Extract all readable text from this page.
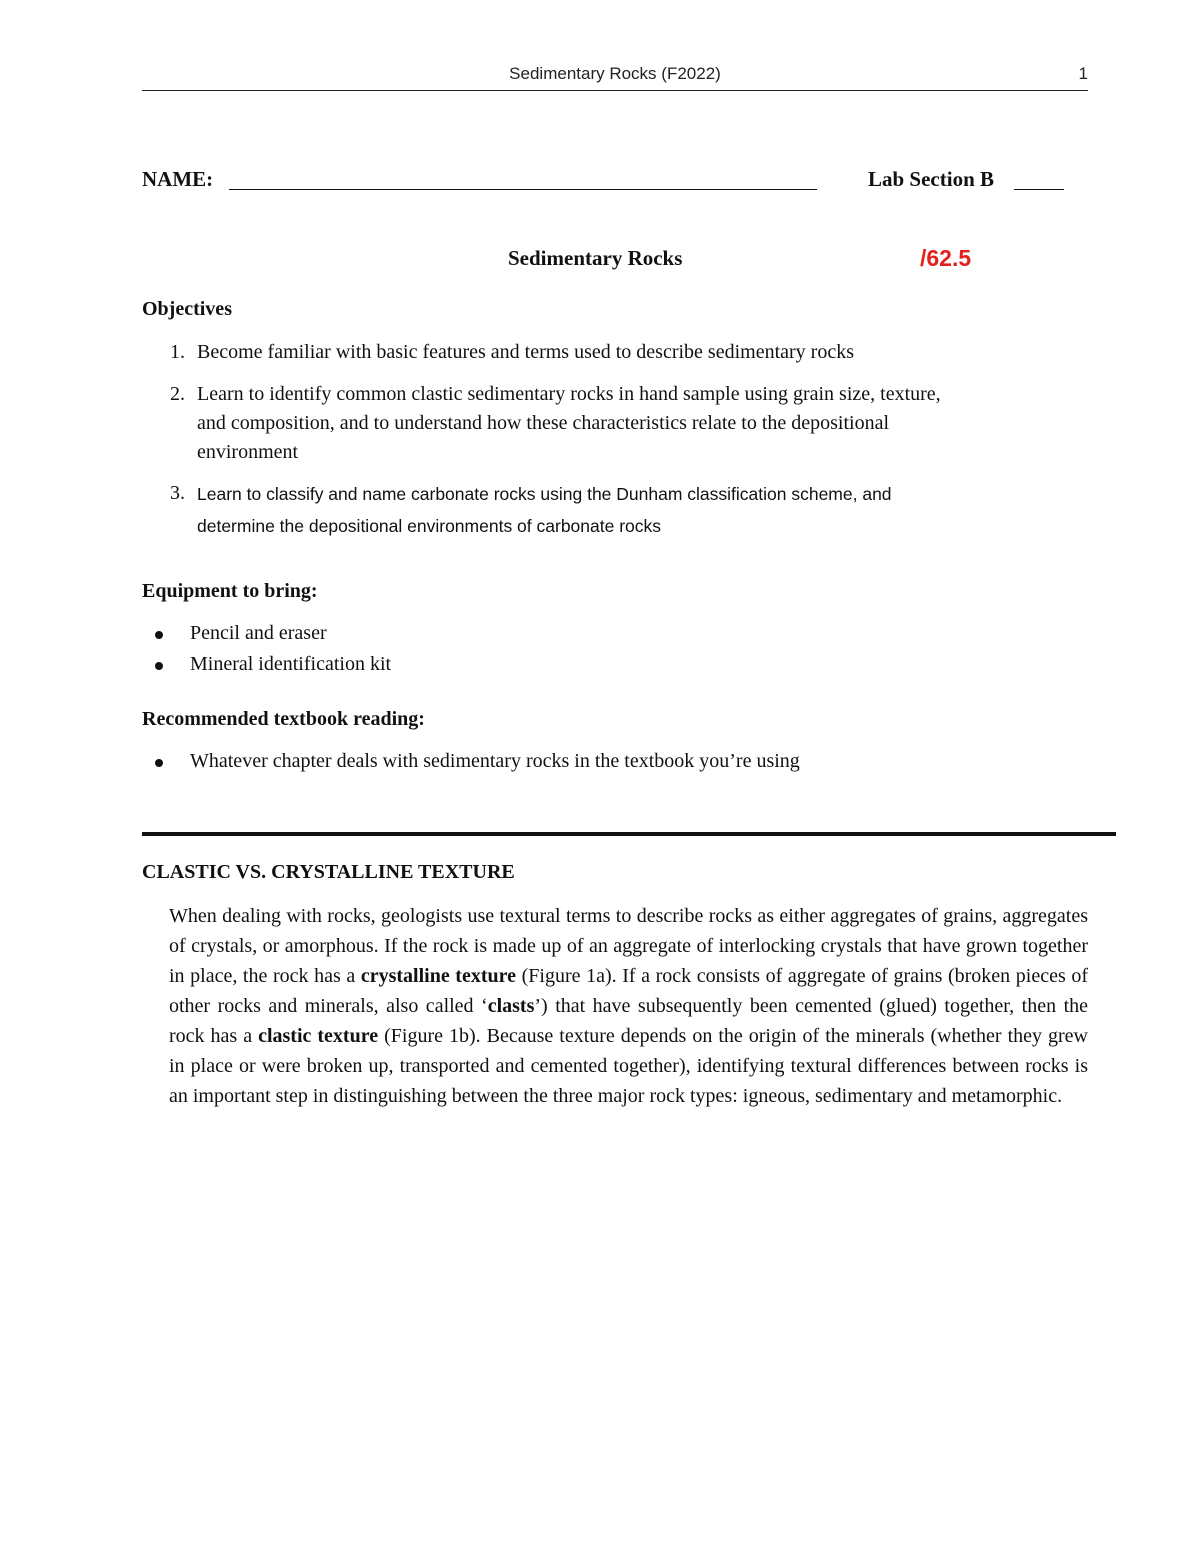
Sedimentary Rocks (F2022)	1
NAME:	Lab Section B
Sedimentary Rocks	/62.5
Objectives
1. Become familiar with basic features and terms used to describe sedimentary rocks
2. Learn to identify common clastic sedimentary rocks in hand sample using grain size, texture,
and composition, and to understand how these characteristics relate to the depositional
environment
3. Learn to classify and name carbonate rocks using the Dunham classification scheme, and
determine the depositional environments of carbonate rocks
Equipment to bring:
Pencil and eraser
Mineral identification kit
Recommended textbook reading:
Whatever chapter deals with sedimentary rocks in the textbook you’re using
CLASTIC VS. CRYSTALLINE TEXTURE
When dealing with rocks, geologists use textural terms to describe rocks as either aggregates of grains, aggregates of crystals, or amorphous. If the rock is made up of an aggregate of interlocking crystals that have grown together in place, the rock has a crystalline texture (Figure 1a). If a rock consists of aggregate of grains (broken pieces of other rocks and minerals, also called ‘clasts’) that have subsequently been cemented (glued) together, then the rock has a clastic texture (Figure 1b). Because texture depends on the origin of the minerals (whether they grew in place or were broken up, transported and cemented together), identifying textural differences between rocks is an important step in distinguishing between the three major rock types: igneous, sedimentary and metamorphic.
